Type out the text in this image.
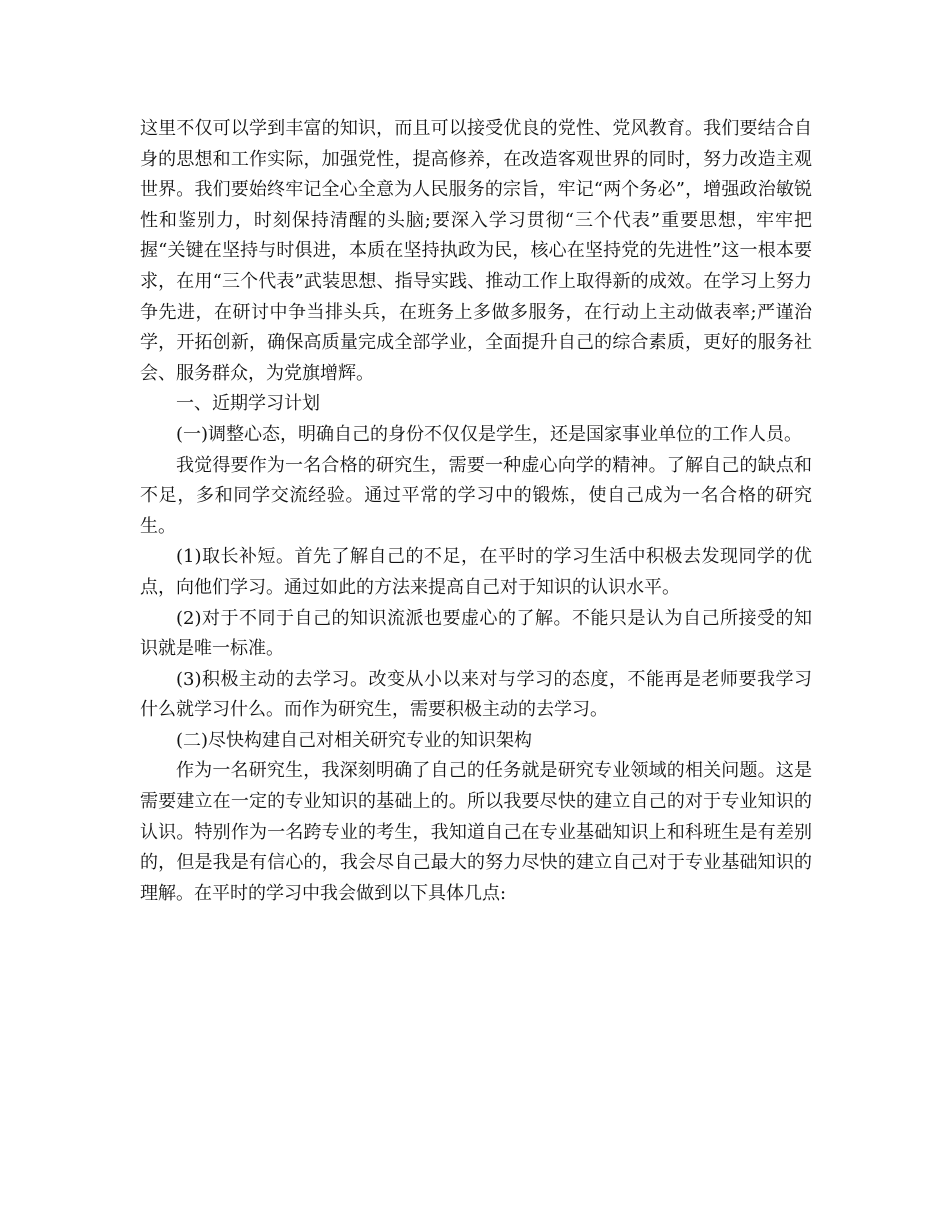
这里不仅可以学到丰富的知识，而且可以接受优良的党性、党风教育。我们要结合自身的思想和工作实际，加强党性，提高修养，在改造客观世界的同时，努力改造主观世界。我们要始终牢记全心全意为人民服务的宗旨，牢记“两个务必”，增强政治敏锐性和鉴别力，时刻保持清醒的头脑;要深入学习贯彻“三个代表”重要思想，牢牢把握“关键在坚持与时俱进，本质在坚持执政为民，核心在坚持党的先进性”这一根本要求，在用“三个代表”武装思想、指导实践、推动工作上取得新的成效。在学习上努力争先进，在研讨中争当排头兵，在班务上多做多服务，在行动上主动做表率;严谨治学，开拓创新，确保高质量完成全部学业，全面提升自己的综合素质，更好的服务社会、服务群众，为党旗增辉。

一、近期学习计划

(一)调整心态，明确自己的身份不仅仅是学生，还是国家事业单位的工作人员。

我觉得要作为一名合格的研究生，需要一种虚心向学的精神。了解自己的缺点和不足，多和同学交流经验。通过平常的学习中的锻炼，使自己成为一名合格的研究生。

(1)取长补短。首先了解自己的不足，在平时的学习生活中积极去发现同学的优点，向他们学习。通过如此的方法来提高自己对于知识的认识水平。

(2)对于不同于自己的知识流派也要虚心的了解。不能只是认为自己所接受的知识就是唯一标准。

(3)积极主动的去学习。改变从小以来对与学习的态度，不能再是老师要我学习什么就学习什么。而作为研究生，需要积极主动的去学习。

(二)尽快构建自己对相关研究专业的知识架构

作为一名研究生，我深刻明确了自己的任务就是研究专业领域的相关问题。这是需要建立在一定的专业知识的基础上的。所以我要尽快的建立自己的对于专业知识的认识。特别作为一名跨专业的考生，我知道自己在专业基础知识上和科班生是有差别的，但是我是有信心的，我会尽自己最大的努力尽快的建立自己对于专业基础知识的理解。在平时的学习中我会做到以下具体几点:
